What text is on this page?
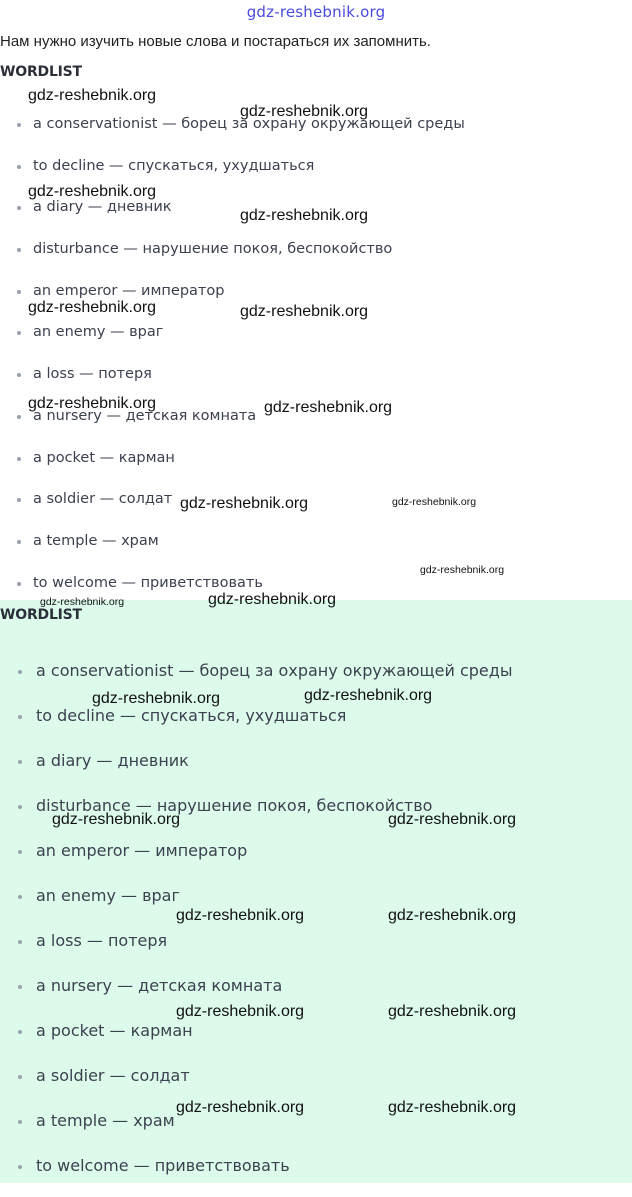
gdz-reshebnik.org
Нам нужно изучить новые слова и постараться их запомнить.
WORDLIST
a conservationist — борец за охрану окружающей среды
to decline — спускаться, ухудшаться
a diary — дневник
disturbance — нарушение покоя, беспокойство
an emperor — император
an enemy — враг
a loss — потеря
a nursery — детская комната
a pocket — карман
a soldier — солдат
a temple — храм
to welcome — приветствовать
WORDLIST
a conservationist — борец за охрану окружающей среды
to decline — спускаться, ухудшаться
a diary — дневник
disturbance — нарушение покоя, беспокойство
an emperor — император
an enemy — враг
a loss — потеря
a nursery — детская комната
a pocket — карман
a soldier — солдат
a temple — храм
to welcome — приветствовать
gdz-reshebnik.org
gdz-reshebnik.org
gdz-reshebnik.org
gdz-reshebnik.org
gdz-reshebnik.org	gdz-reshebnik.org
gdz-reshebnik.org	gdz-reshebnik.org
gdz-reshebnik.org	gdz-reshebnik.org
gdz-reshebnik.org
gdz-reshebnik.org	gdz-reshebnik.org
gdz-reshebnik.org	gdz-reshebnik.org
gdz-reshebnik.org	gdz-reshebnik.org
gdz-reshebnik.org	gdz-reshebnik.org
gdz-reshebnik.org	gdz-reshebnik.org
gdz-reshebnik.org	gdz-reshebnik.org
